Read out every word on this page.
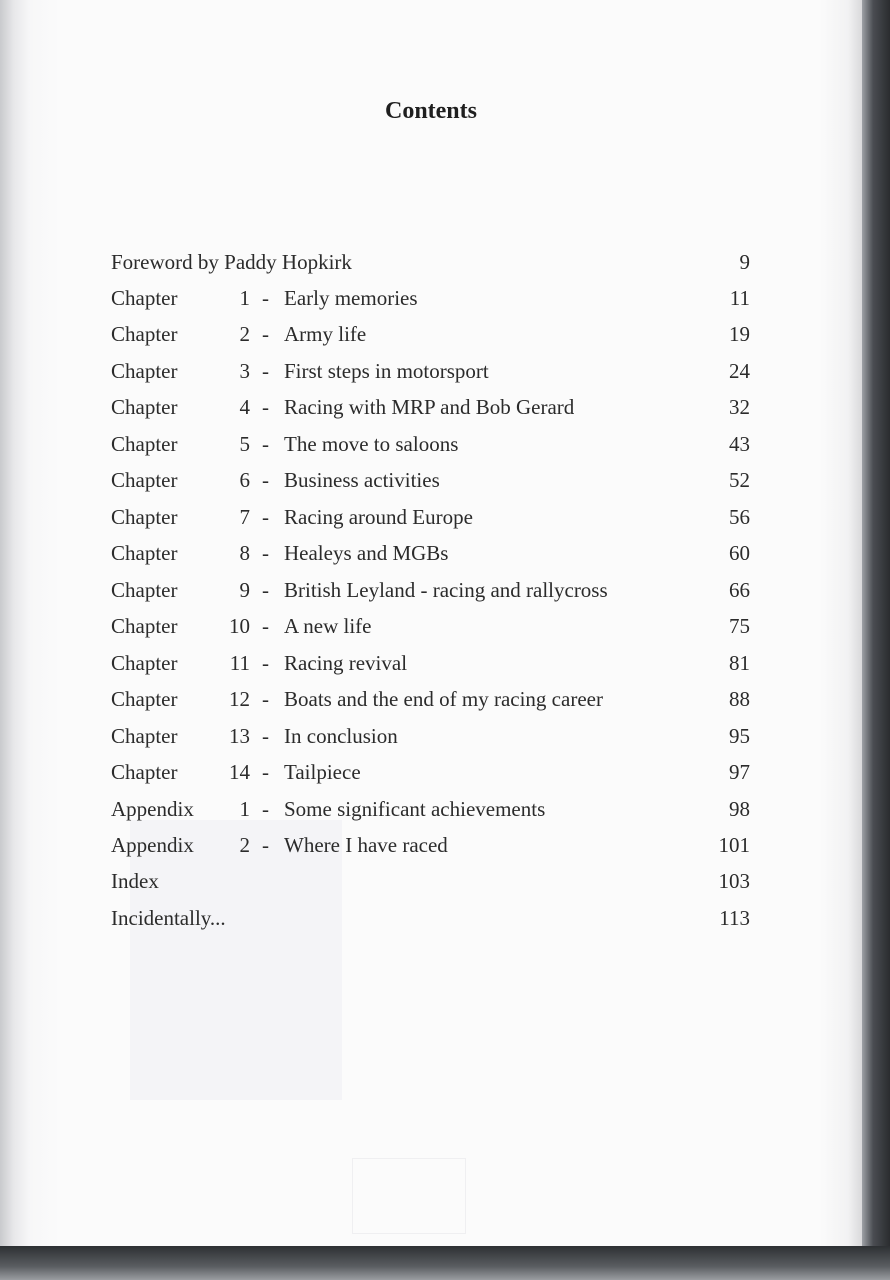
Contents
Foreword by Paddy Hopkirk	9
Chapter	1 - Early memories	11
Chapter	2 - Army life	19
Chapter	3 - First steps in motorsport	24
Chapter	4 - Racing with MRP and Bob Gerard	32
Chapter	5 - The move to saloons	43
Chapter	6 - Business activities	52
Chapter	7 - Racing around Europe	56
Chapter	8 - Healeys and MGBs	60
Chapter	9 - British Leyland - racing and rallycross	66
Chapter 10 - A new life	75
Chapter 11 - Racing revival	81
Chapter 12 - Boats and the end of my racing career	88
Chapter 13 - In conclusion	95
Chapter 14 - Tailpiece	97
Appendix	1 - Some significant achievements	98
Appendix	2 - Where I have raced	101
Index	103
Incidentally...	113
